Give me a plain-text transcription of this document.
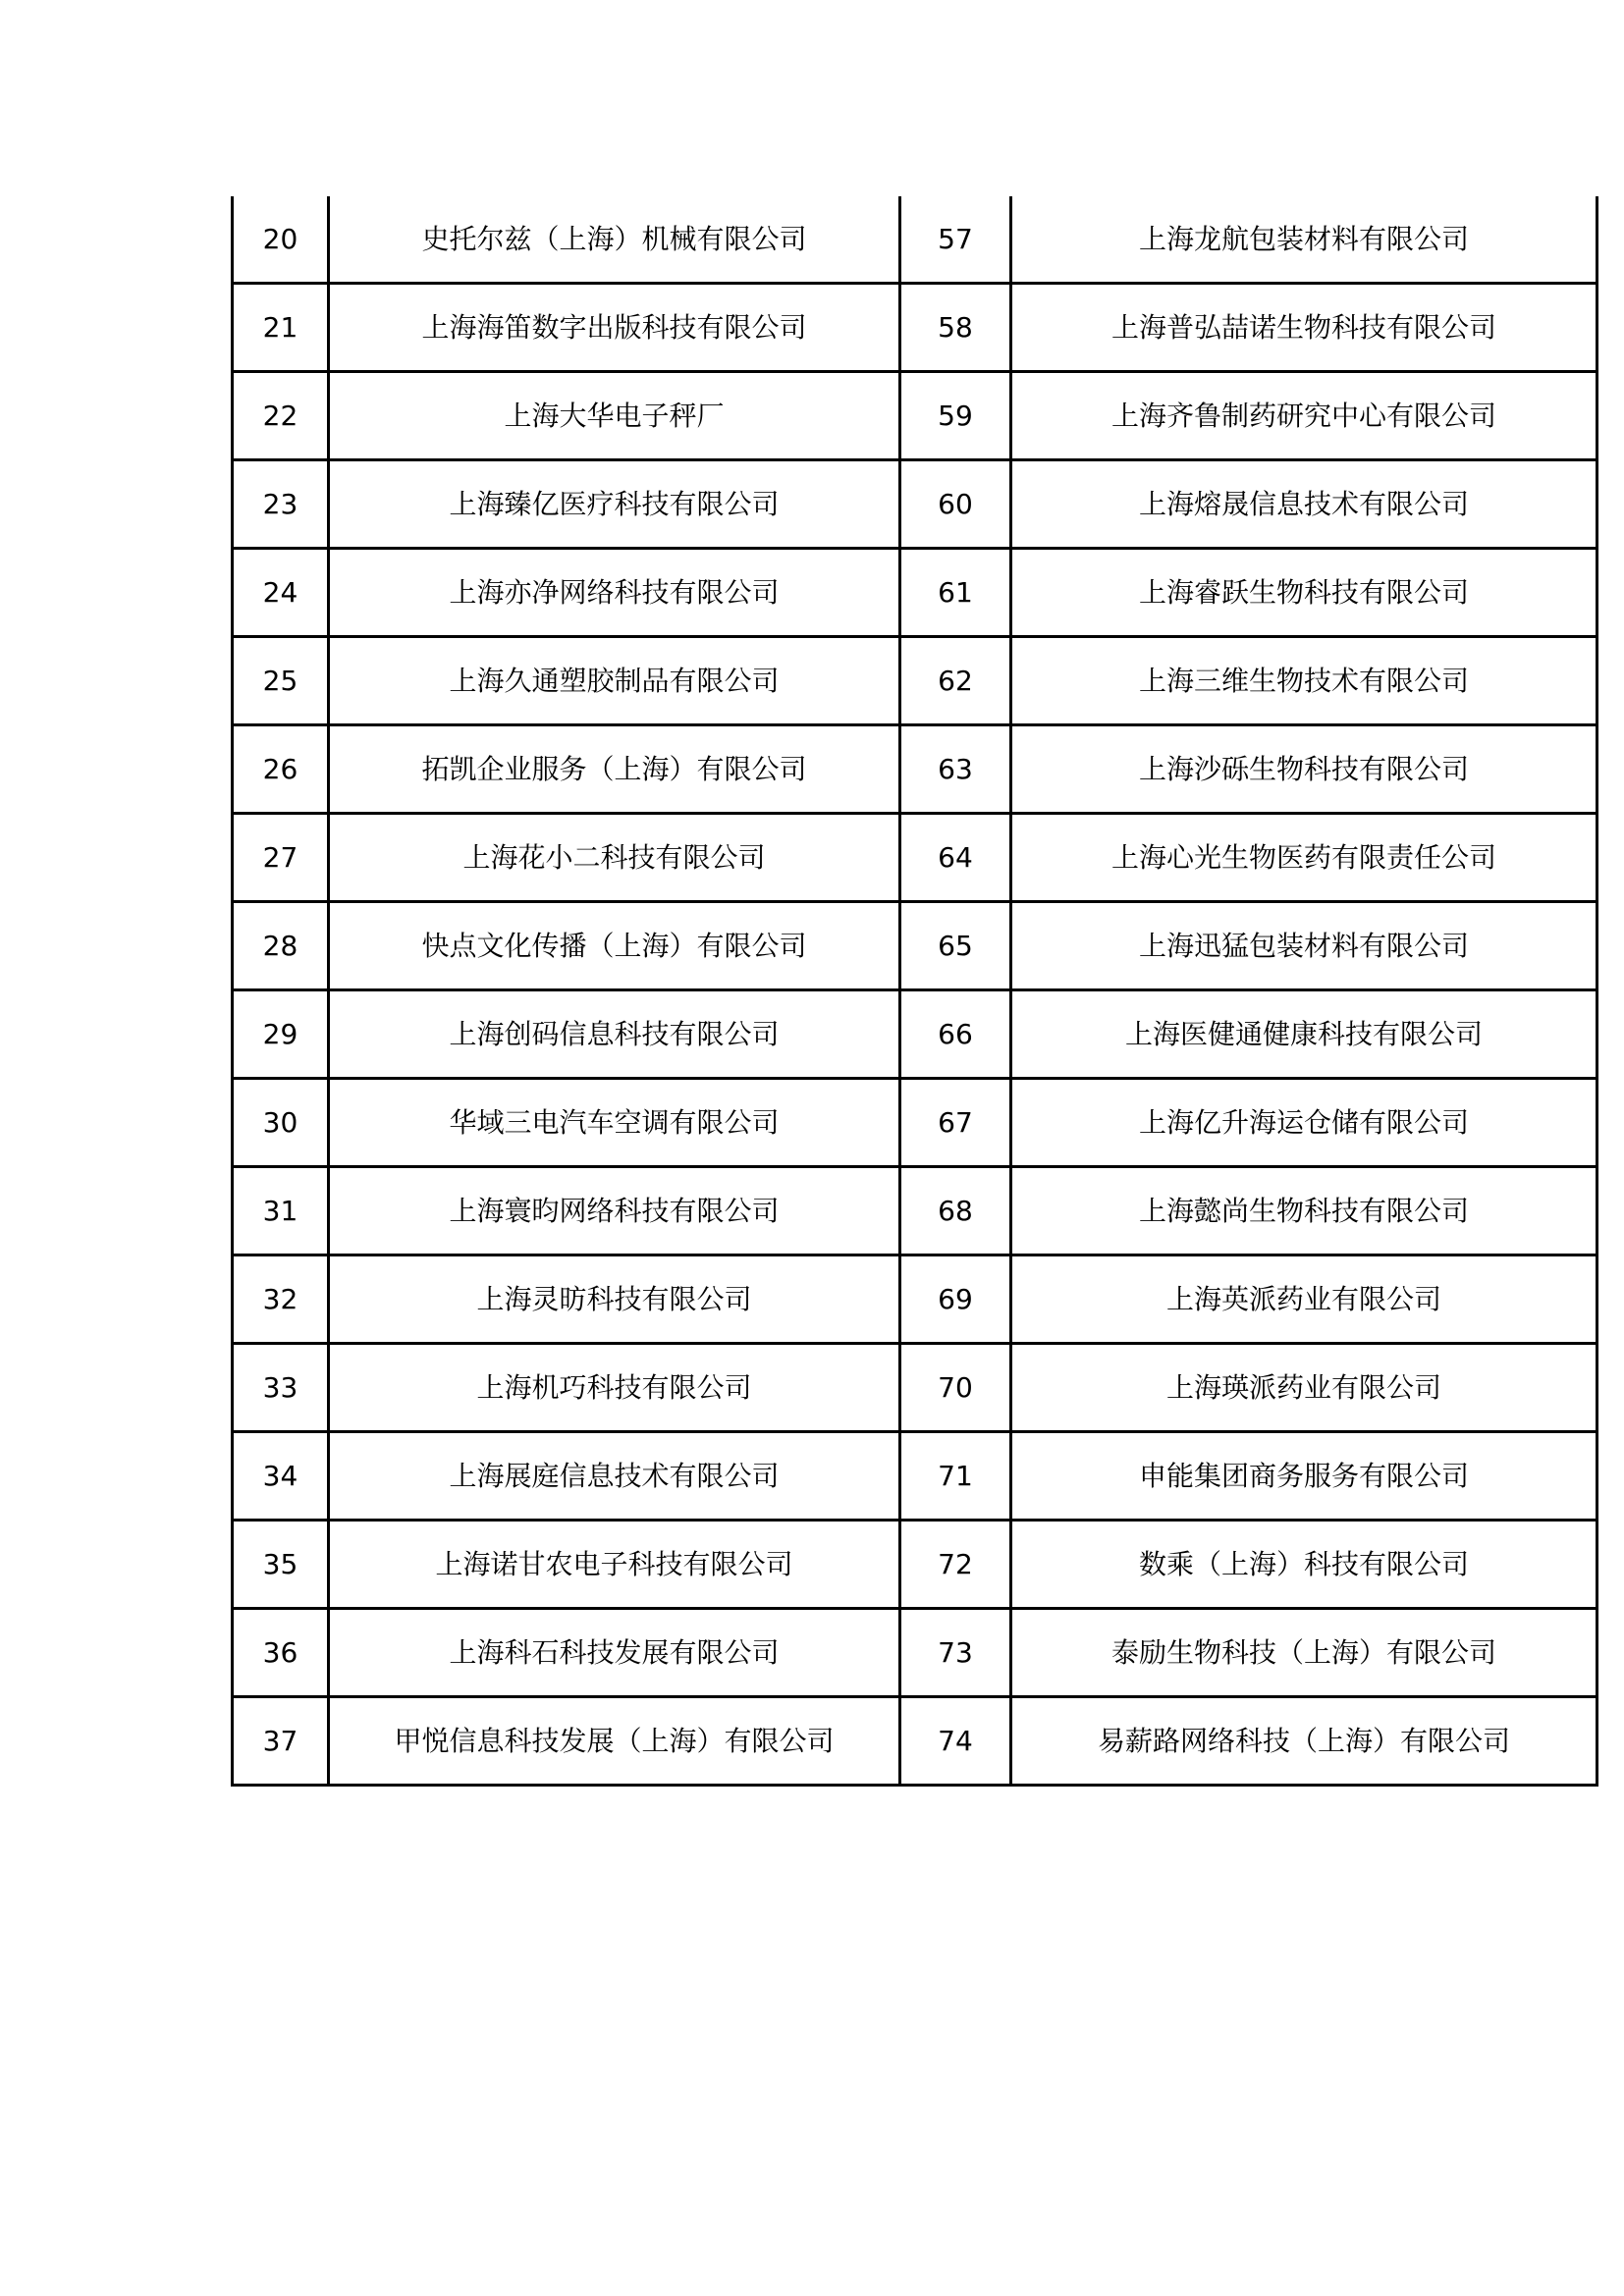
20	史托尔兹（上海）机械有限公司	57	上海龙航包装材料有限公司
21	上海海笛数字出版科技有限公司	58	上海普弘喆诺生物科技有限公司
22	上海大华电子秤厂	59	上海齐鲁制药研究中心有限公司
23	上海臻亿医疗科技有限公司	60	上海熔晟信息技术有限公司
24	上海亦净网络科技有限公司	61	上海睿跃生物科技有限公司
25	上海久通塑胶制品有限公司	62	上海三维生物技术有限公司
26	拓凯企业服务（上海）有限公司	63	上海沙砾生物科技有限公司
27	上海花小二科技有限公司	64	上海心光生物医药有限责任公司
28	快点文化传播（上海）有限公司	65	上海迅猛包装材料有限公司
29	上海创码信息科技有限公司	66	上海医健通健康科技有限公司
30	华域三电汽车空调有限公司	67	上海亿升海运仓储有限公司
31	上海寰昀网络科技有限公司	68	上海懿尚生物科技有限公司
32	上海灵昉科技有限公司	69	上海英派药业有限公司
33	上海机巧科技有限公司	70	上海瑛派药业有限公司
34	上海展庭信息技术有限公司	71	申能集团商务服务有限公司
35	上海诺甘农电子科技有限公司	72	数乘（上海）科技有限公司
36	上海科石科技发展有限公司	73	泰励生物科技（上海）有限公司
37	甲悦信息科技发展（上海）有限公司	74	易薪路网络科技（上海）有限公司
